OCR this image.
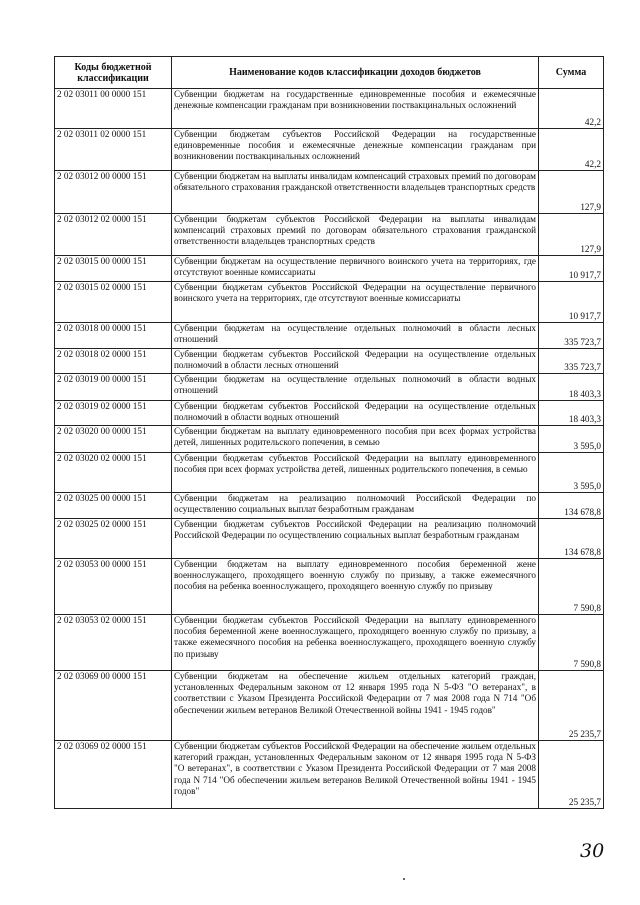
Коды бюджетной классификации	Наименование кодов классификации доходов бюджетов	Сумма
2 02 03011 00 0000 151	Субвенции бюджетам на государственные единовременные пособия и ежемесячные денежные компенсации гражданам при возникновении поствакцинальных осложнений	42,2
2 02 03011 02 0000 151	Субвенции бюджетам субъектов Российской Федерации на государственные единовременные пособия и ежемесячные денежные компенсации гражданам при возникновении поствакцинальных осложнений	42,2
2 02 03012 00 0000 151	Субвенции бюджетам на выплаты инвалидам компенсаций страховых премий по договорам обязательного страхования гражданской ответственности владельцев транспортных средств	127,9
2 02 03012 02 0000 151	Субвенции бюджетам субъектов Российской Федерации на выплаты инвалидам компенсаций страховых премий по договорам обязательного страхования гражданской ответственности владельцев транспортных средств	127,9
2 02 03015 00 0000 151	Субвенции бюджетам на осуществление первичного воинского учета на территориях, где отсутствуют военные комиссариаты	10 917,7
2 02 03015 02 0000 151	Субвенции бюджетам субъектов Российской Федерации на осуществление первичного воинского учета на территориях, где отсутствуют военные комиссариаты	10 917,7
2 02 03018 00 0000 151	Субвенции бюджетам на осуществление отдельных полномочий в области лесных отношений	335 723,7
2 02 03018 02 0000 151	Субвенции бюджетам субъектов Российской Федерации на осуществление отдельных полномочий в области лесных отношений	335 723,7
2 02 03019 00 0000 151	Субвенции бюджетам на осуществление отдельных полномочий в области водных отношений	18 403,3
2 02 03019 02 0000 151	Субвенции бюджетам субъектов Российской Федерации на осуществление отдельных полномочий в области водных отношений	18 403,3
2 02 03020 00 0000 151	Субвенции бюджетам на выплату единовременного пособия при всех формах устройства детей, лишенных родительского попечения, в семью	3 595,0
2 02 03020 02 0000 151	Субвенции бюджетам субъектов Российской Федерации на выплату единовременного пособия при всех формах устройства детей, лишенных родительского попечения, в семью	3 595,0
2 02 03025 00 0000 151	Субвенции бюджетам на реализацию полномочий Российской Федерации по осуществлению социальных выплат безработным гражданам	134 678,8
2 02 03025 02 0000 151	Субвенции бюджетам субъектов Российской Федерации на реализацию полномочий Российской Федерации по осуществлению социальных выплат безработным гражданам	134 678,8
2 02 03053 00 0000 151	Субвенции бюджетам на выплату единовременного пособия беременной жене военнослужащего, проходящего военную службу по призыву, а также ежемесячного пособия на ребенка военнослужащего, проходящего военную службу по призыву	7 590,8
2 02 03053 02 0000 151	Субвенции бюджетам субъектов Российской Федерации на выплату единовременного пособия беременной жене военнослужащего, проходящего военную службу по призыву, а также ежемесячного пособия на ребенка военнослужащего, проходящего военную службу по призыву	7 590,8
2 02 03069 00 0000 151	Субвенции бюджетам на обеспечение жильем отдельных категорий граждан, установленных Федеральным законом от 12 января 1995 года N 5-ФЗ "О ветеранах", в соответствии с Указом Президента Российской Федерации от 7 мая 2008 года N 714 "Об обеспечении жильем ветеранов Великой Отечественной войны 1941 - 1945 годов"	25 235,7
2 02 03069 02 0000 151	Субвенции бюджетам субъектов Российской Федерации на обеспечение жильем отдельных категорий граждан, установленных Федеральным законом от 12 января 1995 года N 5-ФЗ "О ветеранах", в соответствии с Указом Президента Российской Федерации от 7 мая 2008 года N 714 "Об обеспечении жильем ветеранов Великой Отечественной войны 1941 - 1945 годов"	25 235,7
30
